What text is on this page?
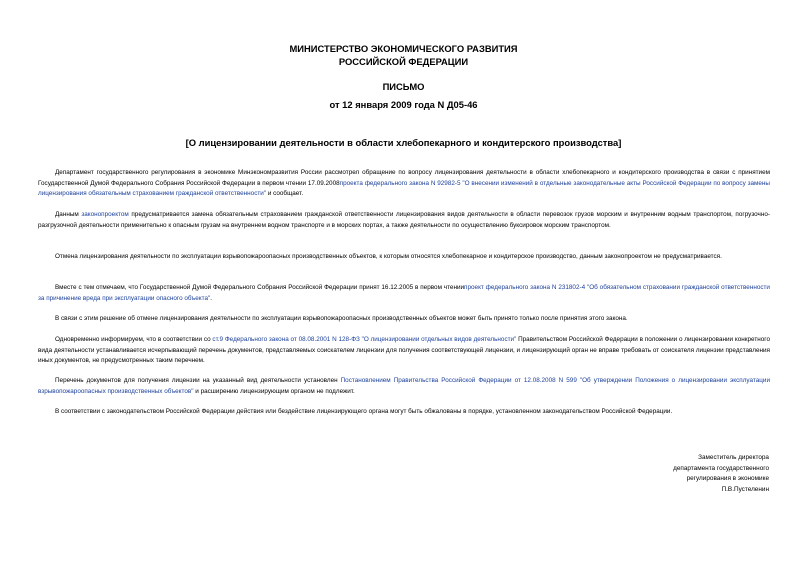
МИНИСТЕРСТВО ЭКОНОМИЧЕСКОГО РАЗВИТИЯ
РОССИЙСКОЙ ФЕДЕРАЦИИ
ПИСЬМО
от 12 января 2009 года N Д05-46
[О лицензировании деятельности в области хлебопекарного и кондитерского производства]

Департамент государственного регулирования в экономике Минэкономразвития России рассмотрел обращение по вопросу лицензирования деятельности в области хлебопекарного и кондитерского производства в связи с принятием Государственной Думой Федерального Собрания Российской Федерации в первом чтении 17.09.2008проекта федерального закона N 92982-5 "О внесении изменений в отдельные законодательные акты Российской Федерации по вопросу замены лицензирования обязательным страхованием гражданской ответственности" и сообщает.

Данным законопроектом предусматривается замена обязательным страхованием гражданской ответственности лицензирования видов деятельности в области перевозок грузов морским и внутренним водным транспортом, погрузочно-разгрузочной деятельности применительно к опасным грузам на внутреннем водном транспорте и в морских портах, а также деятельности по осуществлению буксировок морским транспортом.

Отмена лицензирования деятельности по эксплуатации взрывопожароопасных производственных объектов, к которым относятся хлебопекарное и кондитерское производство, данным законопроектом не предусматривается.

Вместе с тем отмечаем, что Государственной Думой Федерального Собрания Российской Федерации принят 16.12.2005 в первом чтениипроект федерального закона N 231802-4 "Об обязательном страховании гражданской ответственности за причинение вреда при эксплуатации опасного объекта".

В связи с этим решение об отмене лицензирования деятельности по эксплуатации взрывопожароопасных производственных объектов может быть принято только после принятия этого закона.

Одновременно информируем, что в соответствии со ст.9 Федерального закона от 08.08.2001 N 128-ФЗ "О лицензировании отдельных видов деятельности" Правительством Российской Федерации в положении о лицензировании конкретного вида деятельности устанавливается исчерпывающий перечень документов, представляемых соискателем лицензии для получения соответствующей лицензии, и лицензирующий орган не вправе требовать от соискателя лицензии представления иных документов, не предусмотренных таким перечнем.

Перечень документов для получения лицензии на указанный вид деятельности установлен Постановлением Правительства Российской Федерации от 12.08.2008 N 599 "Об утверждении Положения о лицензировании эксплуатации взрывопожароопасных производственных объектов" и расширению лицензирующим органом не подлежит.

В соответствии с законодательством Российской Федерации действия или бездействие лицензирующего органа могут быть обжалованы в порядке, установленном законодательством Российской Федерации.

Заместитель директора
департамента государственного
регулирования в экономике
П.В.Пустеленин
